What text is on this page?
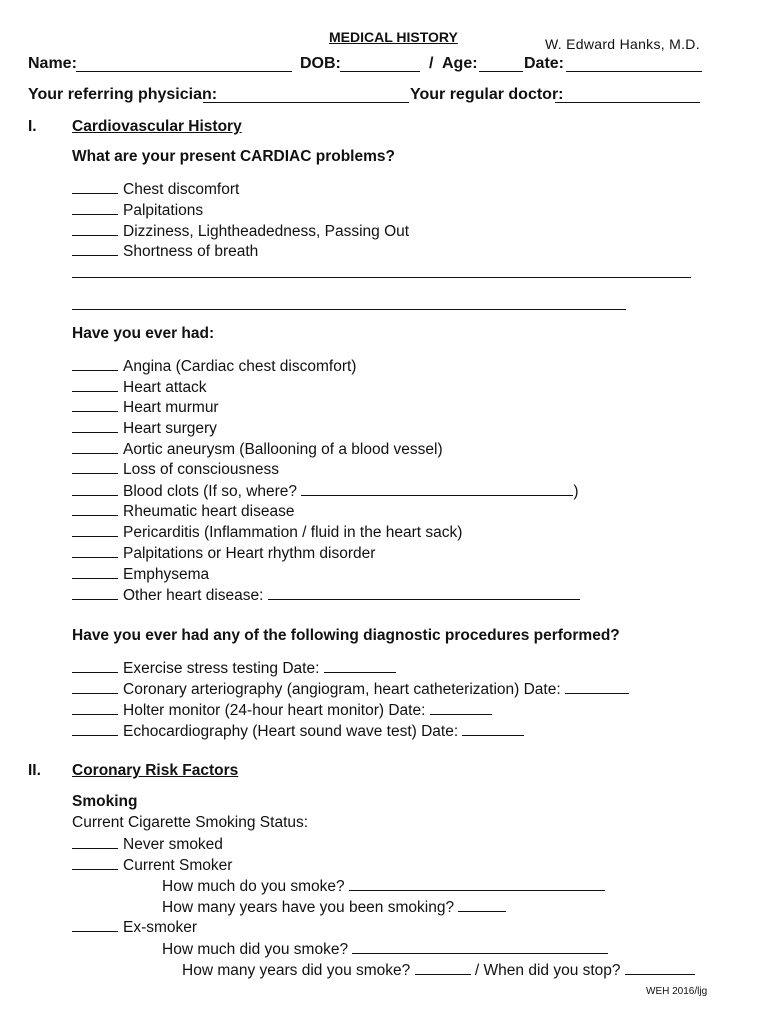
MEDICAL HISTORY	W. Edward Hanks, M.D.
Name:	DOB:	/ Age:	Date:
Your referring physician:	Your regular doctor:
I. Cardiovascular History
What are your present CARDIAC problems?
Chest discomfort
Palpitations
Dizziness, Lightheadedness, Passing Out
Shortness of breath
Have you ever had:
Angina (Cardiac chest discomfort)
Heart attack
Heart murmur
Heart surgery
Aortic aneurysm (Ballooning of a blood vessel)
Loss of consciousness
Blood clots (If so, where?	)
Rheumatic heart disease
Pericarditis (Inflammation / fluid in the heart sack)
Palpitations or Heart rhythm disorder
Emphysema
Other heart disease:
Have you ever had any of the following diagnostic procedures performed?
Exercise stress testing Date:
Coronary arteriography (angiogram, heart catheterization) Date:
Holter monitor (24-hour heart monitor) Date:
Echocardiography (Heart sound wave test) Date:
II. Coronary Risk Factors
Smoking
Current Cigarette Smoking Status:
Never smoked
Current Smoker
How much do you smoke?
How many years have you been smoking?
Ex-smoker
How much did you smoke?
How many years did you smoke?	/ When did you stop?
WEH 2016/ljg
